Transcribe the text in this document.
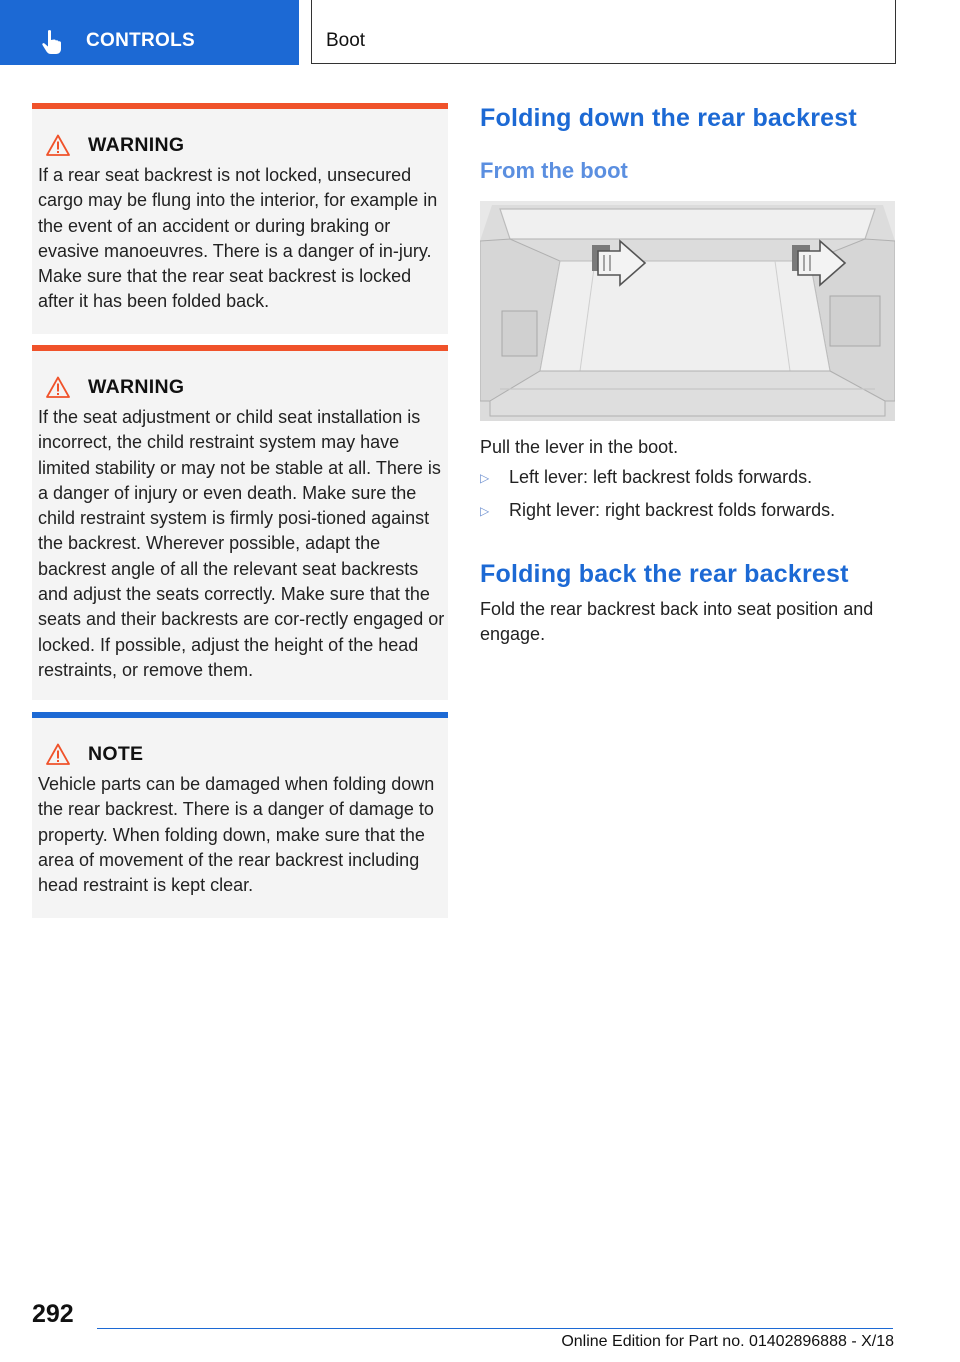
CONTROLS	Boot
WARNING
If a rear seat backrest is not locked, unsecured cargo may be flung into the interior, for example in the event of an accident or during braking or evasive manoeuvres. There is a danger of in-jury. Make sure that the rear seat backrest is locked after it has been folded back.
WARNING
If the seat adjustment or child seat installation is incorrect, the child restraint system may have limited stability or may not be stable at all. There is a danger of injury or even death. Make sure the child restraint system is firmly posi-tioned against the backrest. Wherever possible, adapt the backrest angle of all the relevant seat backrests and adjust the seats correctly. Make sure that the seats and their backrests are cor-rectly engaged or locked. If possible, adjust the height of the head restraints, or remove them.
NOTE
Vehicle parts can be damaged when folding down the rear backrest. There is a danger of damage to property. When folding down, make sure that the area of movement of the rear backrest including head restraint is kept clear.
Folding down the rear backrest
From the boot
Pull the lever in the boot.
▷	Left lever: left backrest folds forwards.
▷	Right lever: right backrest folds forwards.
Folding back the rear backrest
Fold the rear backrest back into seat position and engage.
292
Online Edition for Part no. 01402896888 - X/18
